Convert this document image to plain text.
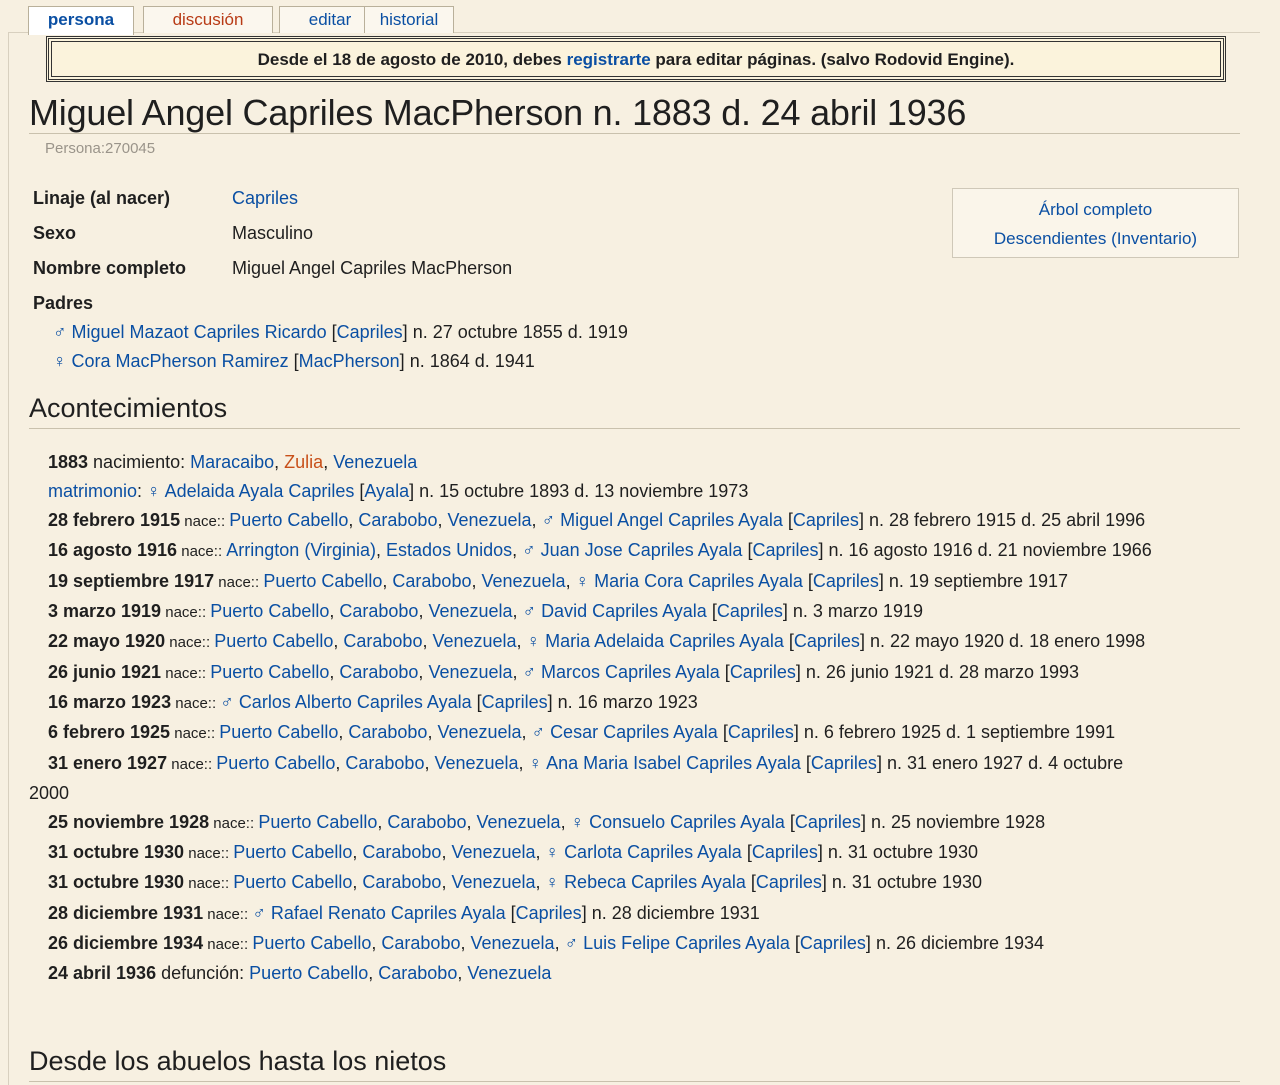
persona	discusión	editar	historial
Desde el 18 de agosto de 2010, debes registrarte para editar páginas. (salvo Rodovid Engine).
Miguel Angel Capriles MacPherson n. 1883 d. 24 abril 1936
Persona:270045
Linaje (al nacer)	Capriles
Sexo	Masculino
Nombre completo	Miguel Angel Capriles MacPherson
Padres
♂ Miguel Mazaot Capriles Ricardo [Capriles] n. 27 octubre 1855 d. 1919
♀ Cora MacPherson Ramirez [MacPherson] n. 1864 d. 1941
Árbol completo
Descendientes (Inventario)
Acontecimientos
1883 nacimiento: Maracaibo, Zulia, Venezuela
matrimonio: ♀ Adelaida Ayala Capriles [Ayala] n. 15 octubre 1893 d. 13 noviembre 1973
28 febrero 1915 nace:: Puerto Cabello, Carabobo, Venezuela, ♂ Miguel Angel Capriles Ayala [Capriles] n. 28 febrero 1915 d. 25 abril 1996
16 agosto 1916 nace:: Arrington (Virginia), Estados Unidos, ♂ Juan Jose Capriles Ayala [Capriles] n. 16 agosto 1916 d. 21 noviembre 1966
19 septiembre 1917 nace:: Puerto Cabello, Carabobo, Venezuela, ♀ Maria Cora Capriles Ayala [Capriles] n. 19 septiembre 1917
3 marzo 1919 nace:: Puerto Cabello, Carabobo, Venezuela, ♂ David Capriles Ayala [Capriles] n. 3 marzo 1919
22 mayo 1920 nace:: Puerto Cabello, Carabobo, Venezuela, ♀ Maria Adelaida Capriles Ayala [Capriles] n. 22 mayo 1920 d. 18 enero 1998
26 junio 1921 nace:: Puerto Cabello, Carabobo, Venezuela, ♂ Marcos Capriles Ayala [Capriles] n. 26 junio 1921 d. 28 marzo 1993
16 marzo 1923 nace:: ♂ Carlos Alberto Capriles Ayala [Capriles] n. 16 marzo 1923
6 febrero 1925 nace:: Puerto Cabello, Carabobo, Venezuela, ♂ Cesar Capriles Ayala [Capriles] n. 6 febrero 1925 d. 1 septiembre 1991
31 enero 1927 nace:: Puerto Cabello, Carabobo, Venezuela, ♀ Ana Maria Isabel Capriles Ayala [Capriles] n. 31 enero 1927 d. 4 octubre
2000
25 noviembre 1928 nace:: Puerto Cabello, Carabobo, Venezuela, ♀ Consuelo Capriles Ayala [Capriles] n. 25 noviembre 1928
31 octubre 1930 nace:: Puerto Cabello, Carabobo, Venezuela, ♀ Carlota Capriles Ayala [Capriles] n. 31 octubre 1930
31 octubre 1930 nace:: Puerto Cabello, Carabobo, Venezuela, ♀ Rebeca Capriles Ayala [Capriles] n. 31 octubre 1930
28 diciembre 1931 nace:: ♂ Rafael Renato Capriles Ayala [Capriles] n. 28 diciembre 1931
26 diciembre 1934 nace:: Puerto Cabello, Carabobo, Venezuela, ♂ Luis Felipe Capriles Ayala [Capriles] n. 26 diciembre 1934
24 abril 1936 defunción: Puerto Cabello, Carabobo, Venezuela
Desde los abuelos hasta los nietos
